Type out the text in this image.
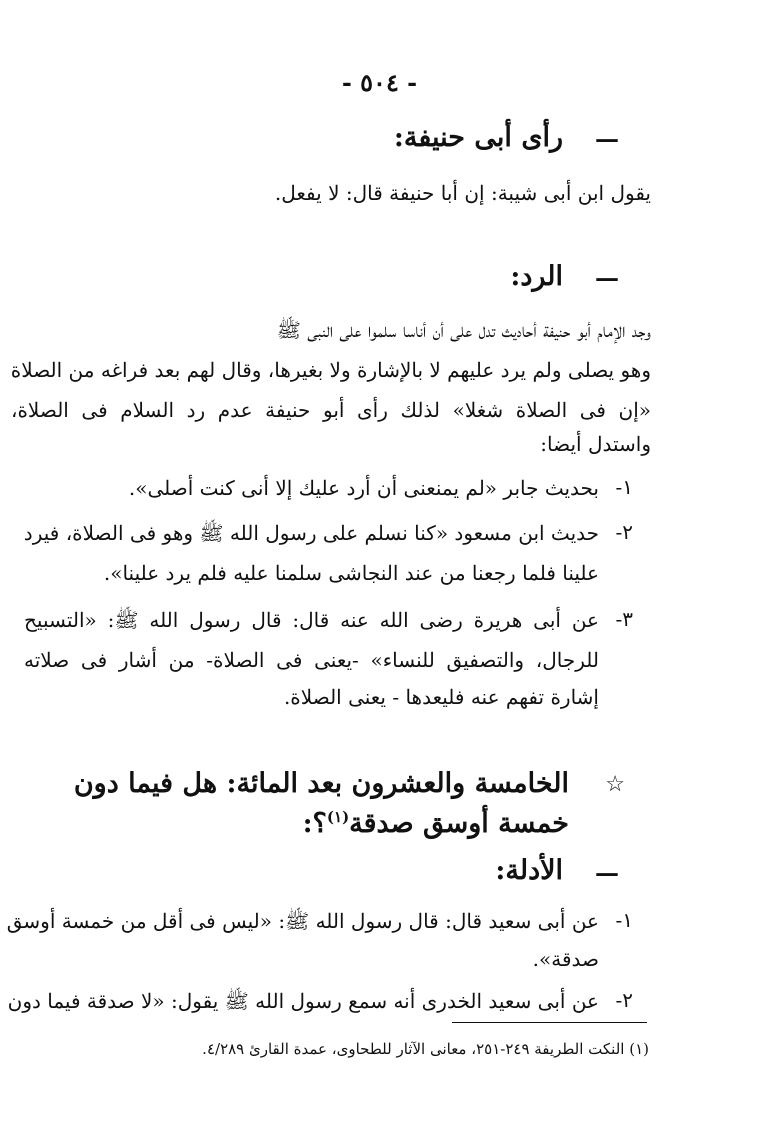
- ٥٠٤ -
—
رأى أبى حنيفة:
يقول ابن أبى شيبة: إن أبا حنيفة قال: لا يفعل.
—
الرد:
وجد الإمام أبو حنيفة أحاديث تدل على أن أناسا سلموا على النبى ﷺ
وهو يصلى ولم يرد عليهم لا بالإشارة ولا بغيرها، وقال لهم بعد فراغه من الصلاة
«إن فى الصلاة شغلا» لذلك رأى أبو حنيفة عدم رد السلام فى الصلاة،
واستدل أيضا:
١-
بحديث جابر «لم يمنعنى أن أرد عليك إلا أنى كنت أصلى».
٢-
حديث ابن مسعود «كنا نسلم على رسول الله ﷺ وهو فى الصلاة، فيرد
علينا فلما رجعنا من عند النجاشى سلمنا عليه فلم يرد علينا».
٣-
عن أبى هريرة رضى الله عنه قال: قال رسول الله ﷺ: «التسبيح
للرجال، والتصفيق للنساء» -يعنى فى الصلاة- من أشار فى صلاته
إشارة تفهم عنه فليعدها - يعنى الصلاة.
☆
الخامسة والعشرون بعد المائة: هل فيما دون
خمسة أوسق صدقة$^{(١)}$؟:
—
الأدلة:
١-
عن أبى سعيد قال: قال رسول الله ﷺ: «ليس فى أقل من خمسة أوسق
صدقة».
٢-
عن أبى سعيد الخدرى أنه سمع رسول الله ﷺ يقول: «لا صدقة فيما دون
(١) النكت الطريفة ٢٤٩-٢٥١، معانى الآثار للطحاوى، عمدة القارئ ٤/٢٨٩.
